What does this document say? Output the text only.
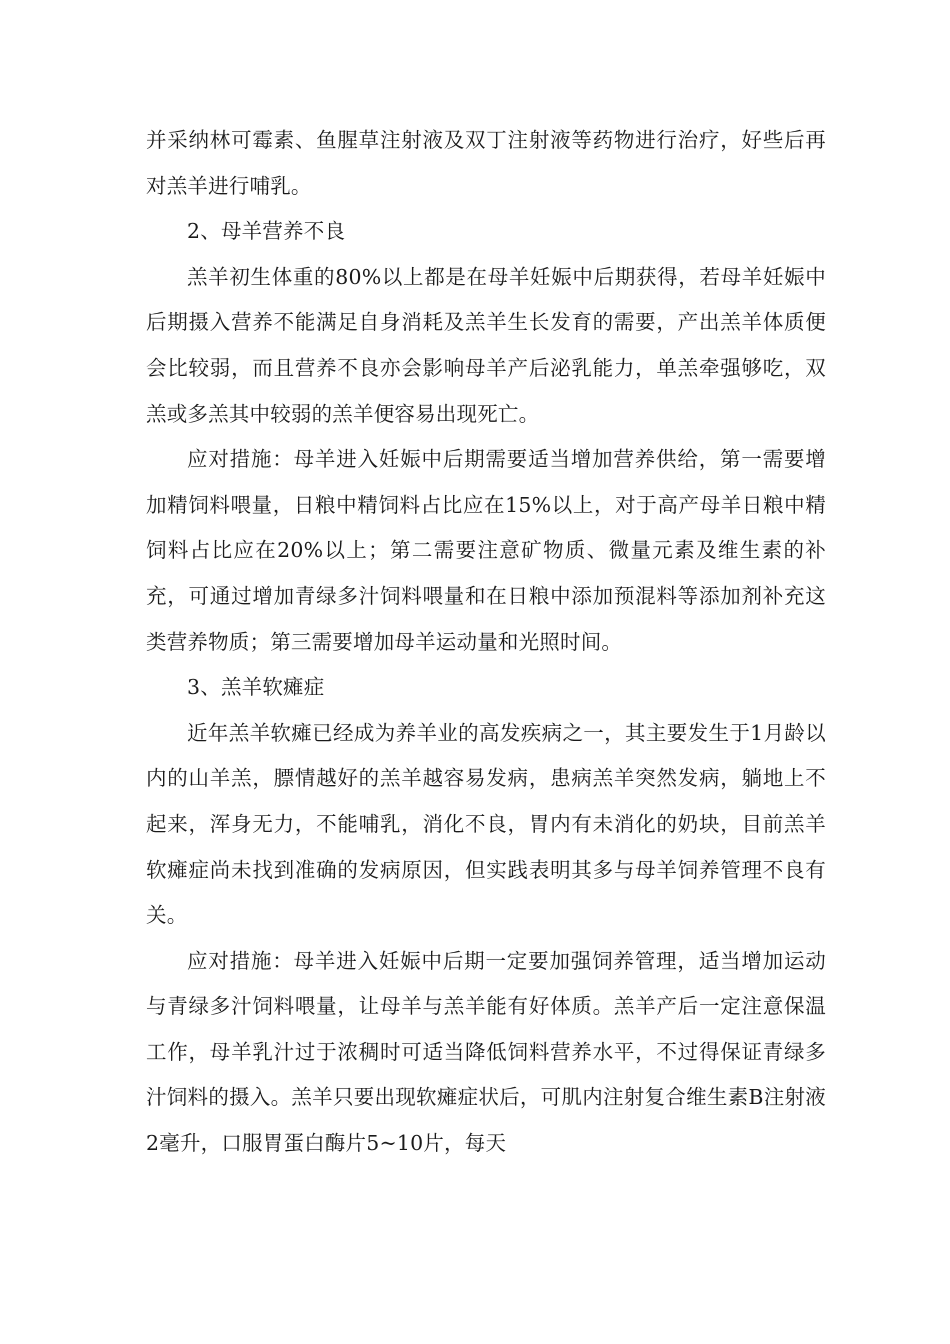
并采纳林可霉素、鱼腥草注射液及双丁注射液等药物进行治疗，好些后再对羔羊进行哺乳。

2、母羊营养不良

羔羊初生体重的80%以上都是在母羊妊娠中后期获得，若母羊妊娠中后期摄入营养不能满足自身消耗及羔羊生长发育的需要，产出羔羊体质便会比较弱，而且营养不良亦会影响母羊产后泌乳能力，单羔牵强够吃，双羔或多羔其中较弱的羔羊便容易出现死亡。

应对措施：母羊进入妊娠中后期需要适当增加营养供给，第一需要增加精饲料喂量，日粮中精饲料占比应在15%以上，对于高产母羊日粮中精饲料占比应在20%以上；第二需要注意矿物质、微量元素及维生素的补充，可通过增加青绿多汁饲料喂量和在日粮中添加预混料等添加剂补充这类营养物质；第三需要增加母羊运动量和光照时间。

3、羔羊软瘫症

近年羔羊软瘫已经成为养羊业的高发疾病之一，其主要发生于1月龄以内的山羊羔，膘情越好的羔羊越容易发病，患病羔羊突然发病，躺地上不起来，浑身无力，不能哺乳，消化不良，胃内有未消化的奶块，目前羔羊软瘫症尚未找到准确的发病原因，但实践表明其多与母羊饲养管理不良有关。

应对措施：母羊进入妊娠中后期一定要加强饲养管理，适当增加运动与青绿多汁饲料喂量，让母羊与羔羊能有好体质。羔羊产后一定注意保温工作，母羊乳汁过于浓稠时可适当降低饲料营养水平，不过得保证青绿多汁饲料的摄入。羔羊只要出现软瘫症状后，可肌内注射复合维生素B注射液2毫升，口服胃蛋白酶片5~10片，每天
